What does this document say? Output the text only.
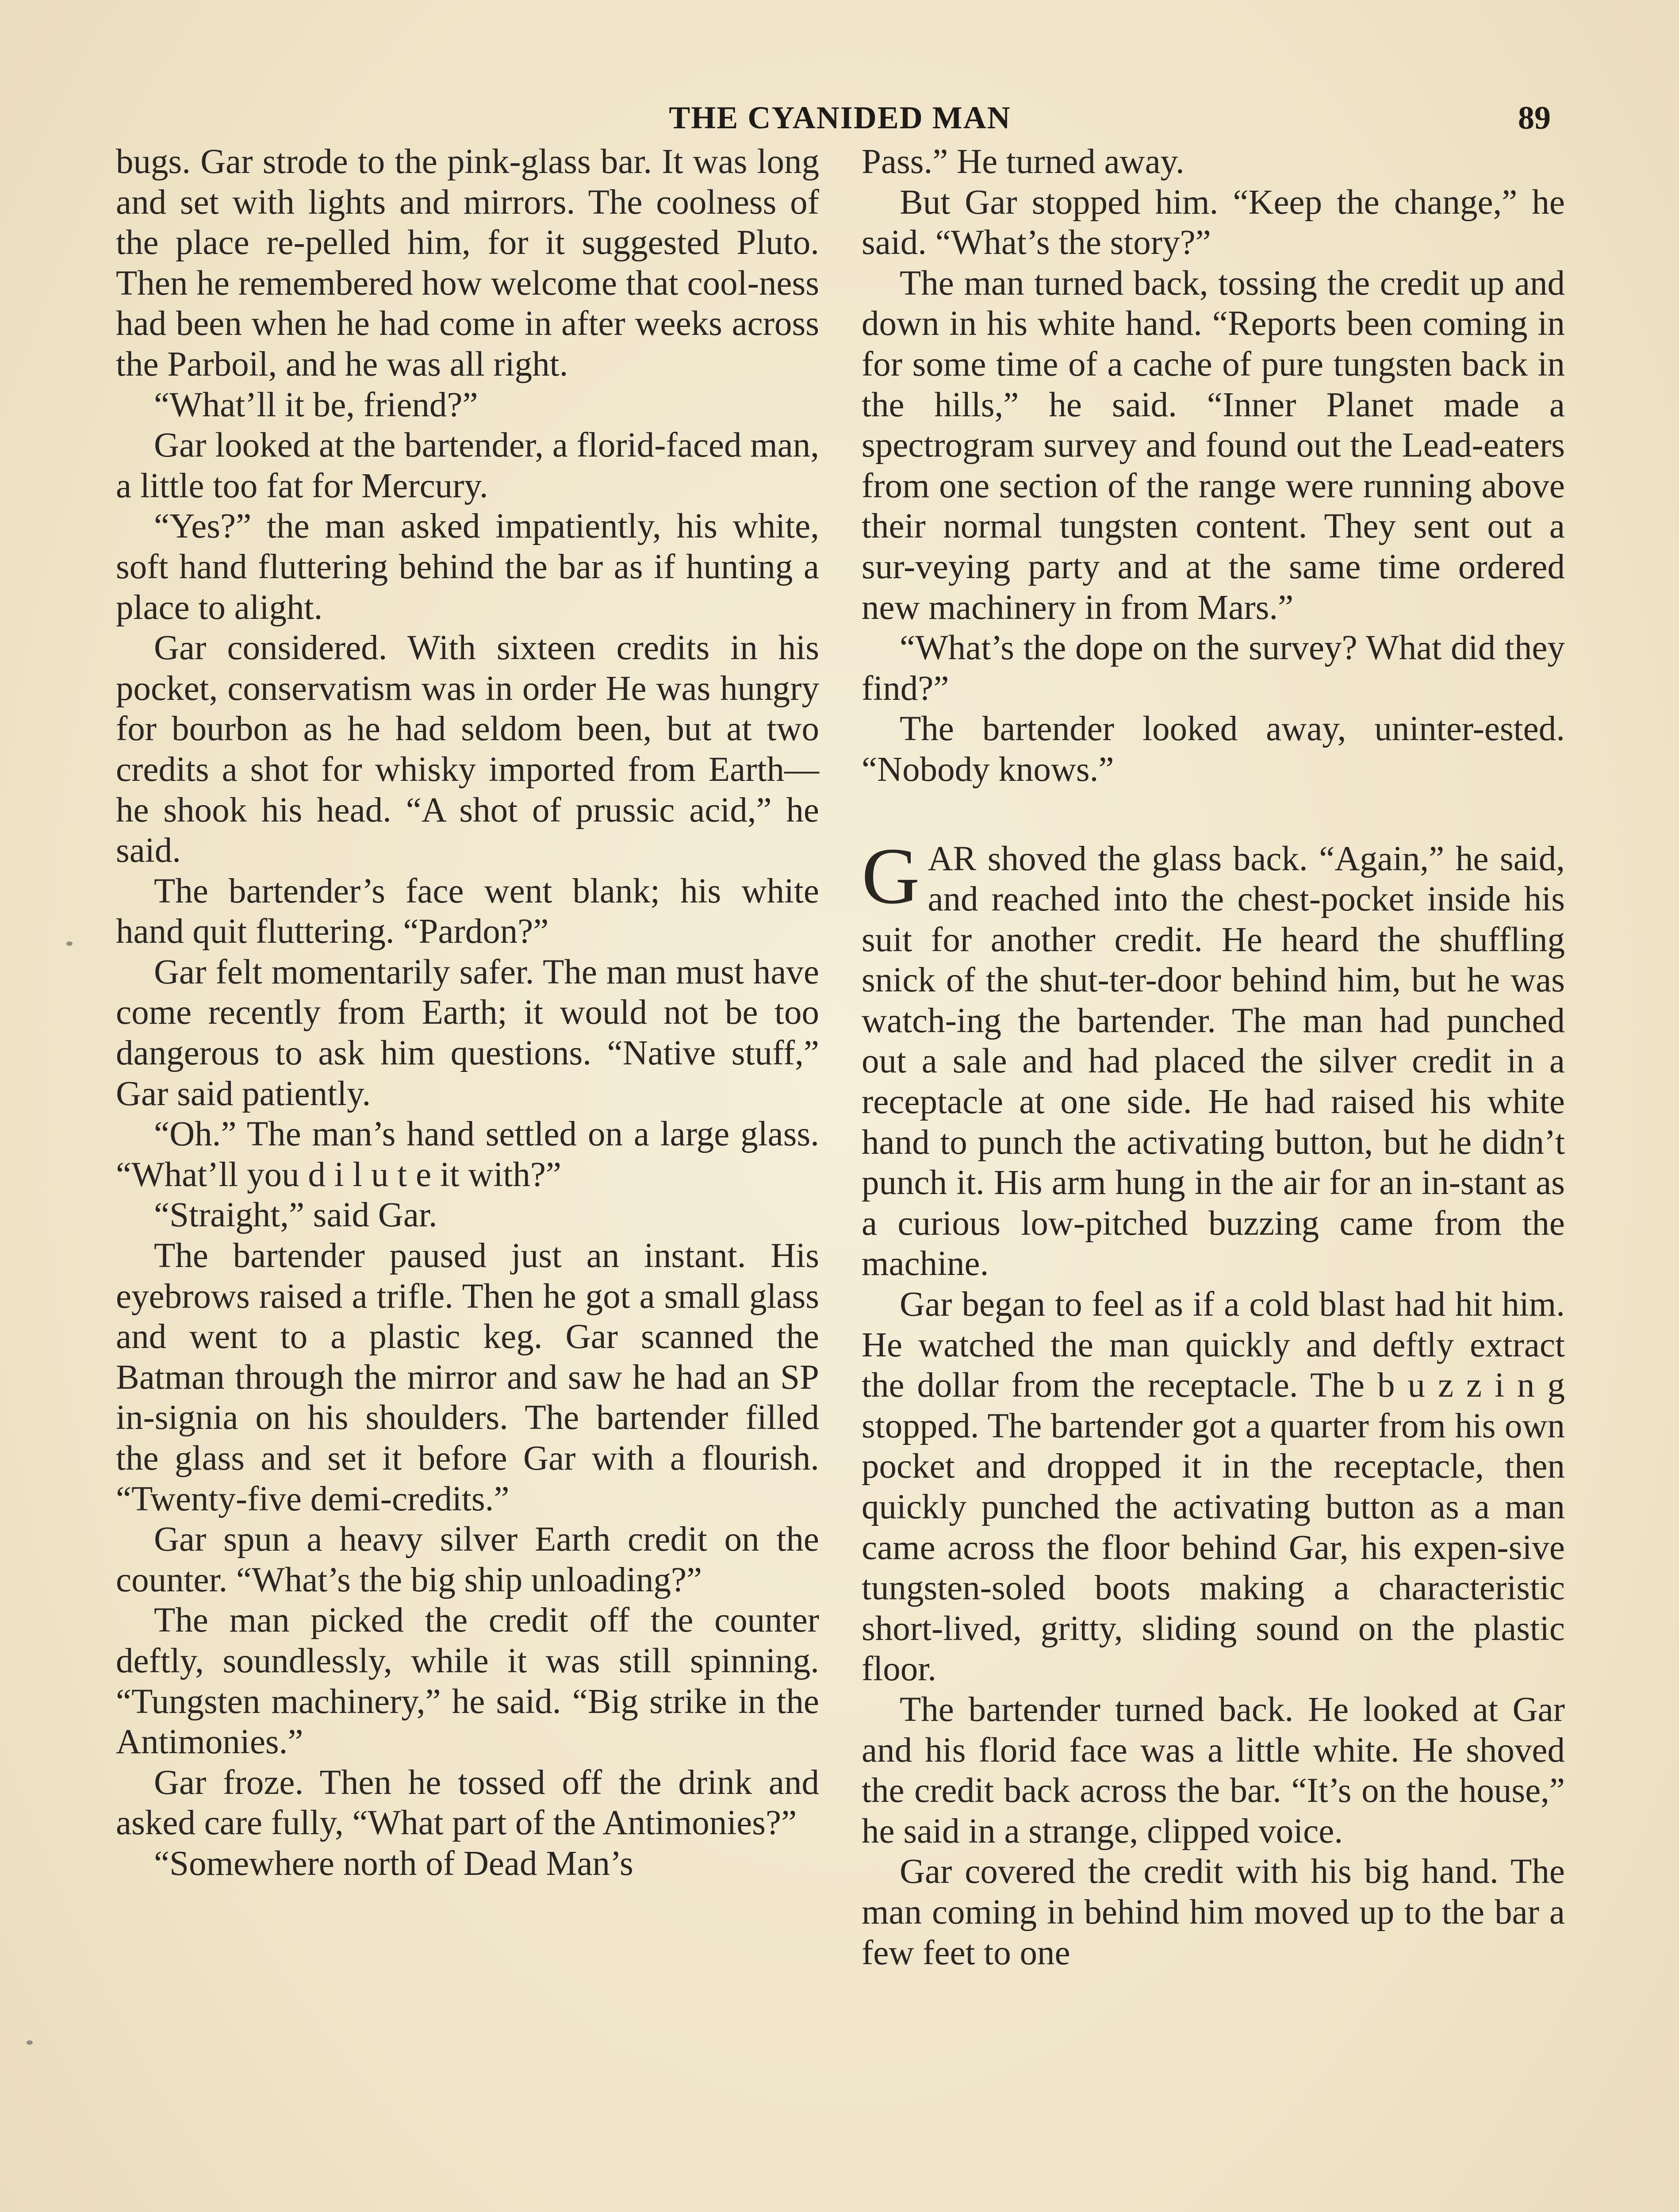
THE CYANIDED MAN	89

bugs. Gar strode to the pink-glass bar. It was long and set with lights and mirrors. The coolness of the place re-pelled him, for it suggested Pluto. Then he remembered how welcome that cool-ness had been when he had come in after weeks across the Parboil, and he was all right.

“What’ll it be, friend?”

Gar looked at the bartender, a florid-faced man, a little too fat for Mercury.

“Yes?” the man asked impatiently, his white, soft hand fluttering behind the bar as if hunting a place to alight.

Gar considered. With sixteen credits in his pocket, conservatism was in order He was hungry for bourbon as he had seldom been, but at two credits a shot for whisky imported from Earth—he shook his head. “A shot of prussic acid,” he said.

The bartender’s face went blank; his white hand quit fluttering. “Pardon?”

Gar felt momentarily safer. The man must have come recently from Earth; it would not be too dangerous to ask him questions. “Native stuff,” Gar said patiently.

“Oh.” The man’s hand settled on a large glass. “What’ll you d i l u t e it with?”

“Straight,” said Gar.

The bartender paused just an instant. His eyebrows raised a trifle. Then he got a small glass and went to a plastic keg. Gar scanned the Batman through the mirror and saw he had an SP in-signia on his shoulders. The bartender filled the glass and set it before Gar with a flourish. “Twenty-five demi-credits.”

Gar spun a heavy silver Earth credit on the counter. “What’s the big ship unloading?”

The man picked the credit off the counter deftly, soundlessly, while it was still spinning. “Tungsten machinery,” he said. “Big strike in the Antimonies.”

Gar froze. Then he tossed off the drink and asked care fully, “What part of the Antimonies?”

“Somewhere north of Dead Man’s

Pass.” He turned away.

But Gar stopped him. “Keep the change,” he said. “What’s the story?”

The man turned back, tossing the credit up and down in his white hand. “Reports been coming in for some time of a cache of pure tungsten back in the hills,” he said. “Inner Planet made a spectrogram survey and found out the Lead-eaters from one section of the range were running above their normal tungsten content. They sent out a sur-veying party and at the same time ordered new machinery in from Mars.”

“What’s the dope on the survey? What did they find?”

The bartender looked away, uninter-ested. “Nobody knows.”

GAR shoved the glass back. “Again,” he said, and reached into the chest-pocket inside his suit for another credit. He heard the shuffling snick of the shut-ter-door behind him, but he was watch-ing the bartender. The man had punched out a sale and had placed the silver credit in a receptacle at one side. He had raised his white hand to punch the activating button, but he didn’t punch it. His arm hung in the air for an in-stant as a curious low-pitched buzzing came from the machine.

Gar began to feel as if a cold blast had hit him. He watched the man quickly and deftly extract the dollar from the receptacle. The b u z z i n g stopped. The bartender got a quarter from his own pocket and dropped it in the receptacle, then quickly punched the activating button as a man came across the floor behind Gar, his expen-sive tungsten-soled boots making a characteristic short-lived, gritty, sliding sound on the plastic floor.

The bartender turned back. He looked at Gar and his florid face was a little white. He shoved the credit back across the bar. “It’s on the house,” he said in a strange, clipped voice.

Gar covered the credit with his big hand. The man coming in behind him moved up to the bar a few feet to one
